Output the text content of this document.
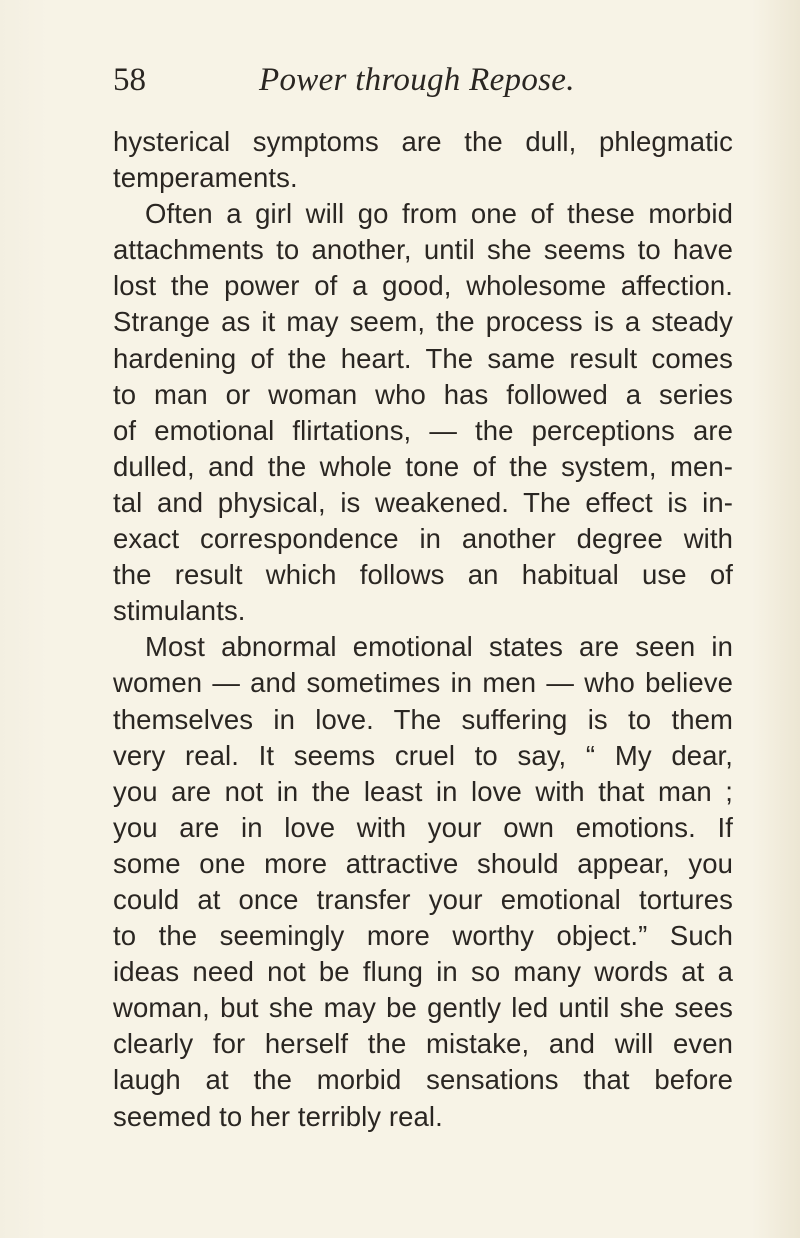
58	Power through Repose.
hysterical symptoms are the dull, phlegmatic
temperaments.
Often a girl will go from one of these morbid
attachments to another, until she seems to have
lost the power of a good, wholesome affection.
Strange as it may seem, the process is a steady
hardening of the heart. The same result comes
to man or woman who has followed a series
of emotional flirtations, — the perceptions are
dulled, and the whole tone of the system, men-
tal and physical, is weakened. The effect is in-
exact correspondence in another degree with
the result which follows an habitual use of
stimulants.
Most abnormal emotional states are seen in
women — and sometimes in men — who believe
themselves in love. The suffering is to them
very real. It seems cruel to say, “ My dear,
you are not in the least in love with that man ;
you are in love with your own emotions. If
some one more attractive should appear, you
could at once transfer your emotional tortures
to the seemingly more worthy object.” Such
ideas need not be flung in so many words at a
woman, but she may be gently led until she sees
clearly for herself the mistake, and will even
laugh at the morbid sensations that before
seemed to her terribly real.
